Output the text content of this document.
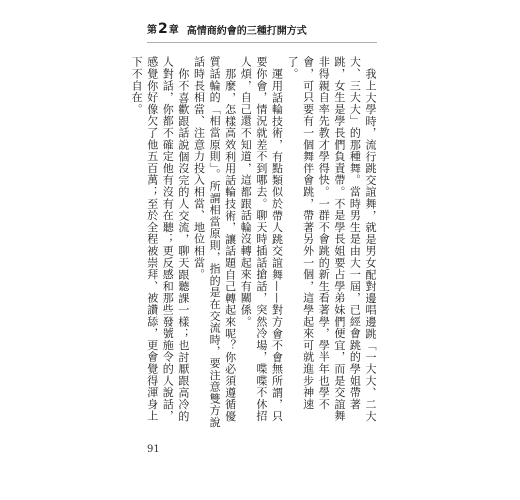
第 2 章 高情商約會的三種打開方式

我上大學時，流行跳交誼舞，就是男女配對邊唱邊跳「一大大、二大大、三大大」的那種舞。當時男生是由大一屆，已經會跳的學姐帶著跳，女生是學長們負責帶。不是學長姐要占學弟妹們便宜，而是交誼舞非得親自率先教才學得快。一群不會跳的新生看著學，學半年也學不會，可只要有一個舞伴會跳，帶著另外一個，這學起來可就進步神速了。

運用話輪技術，有點類似於帶人跳交誼舞——對方會不會無所謂，只要你會，情況就差不到哪去。聊天時插話搶話，突然冷場，喋喋不休招人煩，自己還不知道，這都跟話輪沒轉起來有關係。

那麼，怎樣高效利用話輪技術，讓話題自己轉起來呢？你必須遵循優質話輪的「相當原則」。所謂相當原則，指的是在交流時，要注意雙方說話時長相當、注意力投入相當、地位相當。

你不喜歡跟話說個沒完的人交流，聊天跟聽課一樣；也討厭跟高冷的人對話，你都不確定他有沒有在聽；更反感和那些發號施令的人說話，感覺你好像欠了他五百萬；至於全程被崇拜、被讚舔，更會覺得渾身上下不自在。

91
